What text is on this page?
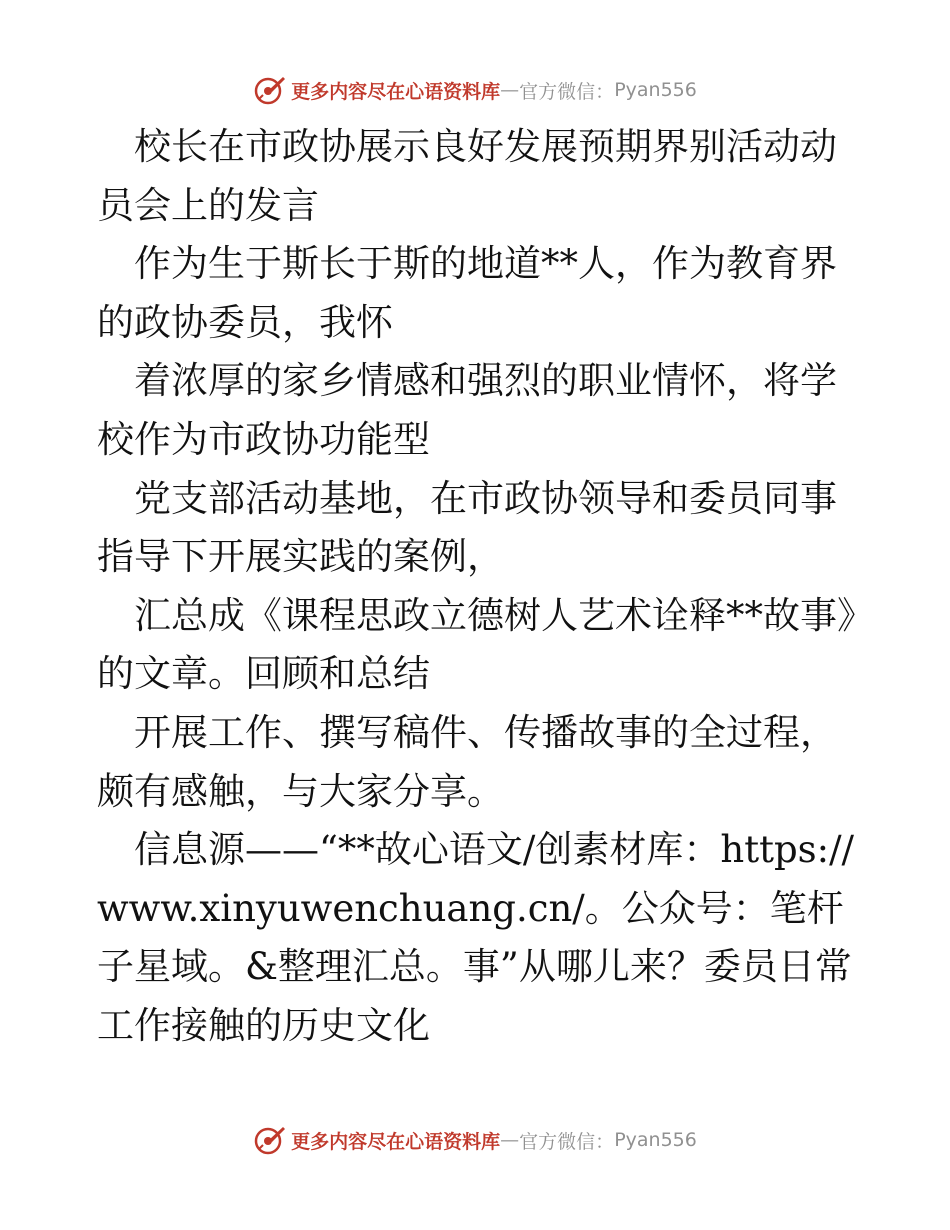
更多内容尽在心语资料库 — 官方微信： Pyan556

校长在市政协展示良好发展预期界别活动动员会上的发言

作为生于斯长于斯的地道**人，作为教育界的政协委员，我怀

着浓厚的家乡情感和强烈的职业情怀，将学校作为市政协功能型

党支部活动基地，在市政协领导和委员同事指导下开展实践的案例，

汇总成《课程思政立德树人艺术诠释**故事》的文章。回顾和总结

开展工作、撰写稿件、传播故事的全过程，颇有感触，与大家分享。

信息源——“**故心语文/创素材库：https://www.xinyuwenchuang.cn/。公众号：笔杆子星域。&整理汇总。事”从哪儿来？委员日常工作接触的历史文化

更多内容尽在心语资料库 — 官方微信： Pyan556
